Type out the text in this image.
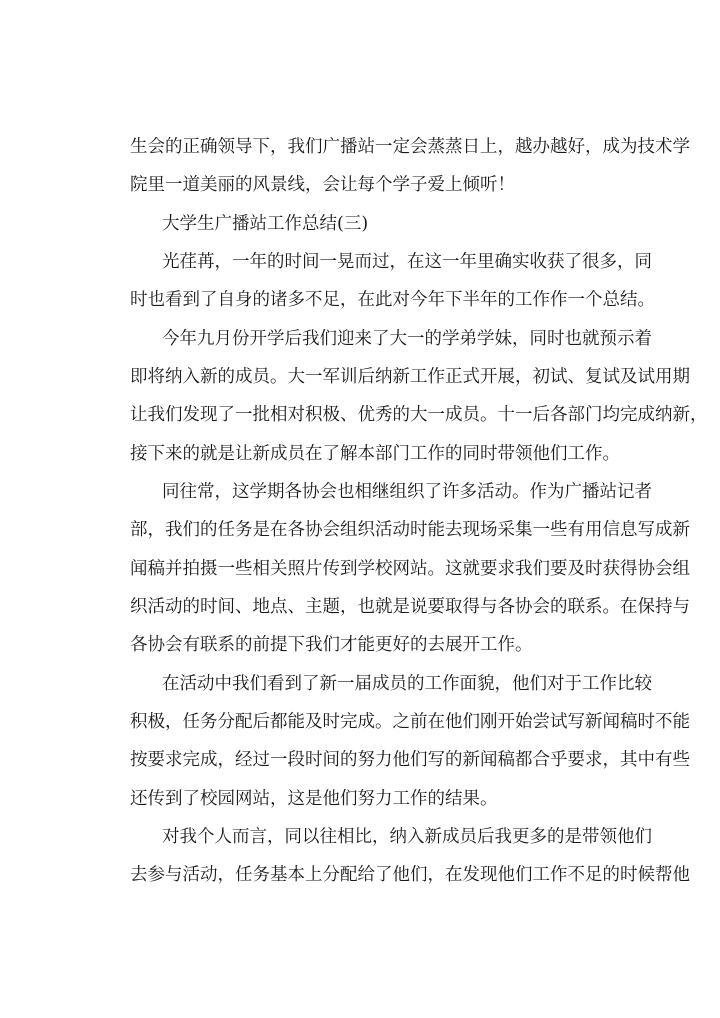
生会的正确领导下，我们广播站一定会蒸蒸日上，越办越好，成为技术学
院里一道美丽的风景线，会让每个学子爱上倾听！
大学生广播站工作总结(三)
光荏苒，一年的时间一晃而过，在这一年里确实收获了很多，同
时也看到了自身的诸多不足，在此对今年下半年的工作作一个总结。
今年九月份开学后我们迎来了大一的学弟学妹，同时也就预示着
即将纳入新的成员。大一军训后纳新工作正式开展，初试、复试及试用期
让我们发现了一批相对积极、优秀的大一成员。十一后各部门均完成纳新，
接下来的就是让新成员在了解本部门工作的同时带领他们工作。
同往常，这学期各协会也相继组织了许多活动。作为广播站记者
部，我们的任务是在各协会组织活动时能去现场采集一些有用信息写成新
闻稿并拍摄一些相关照片传到学校网站。这就要求我们要及时获得协会组
织活动的时间、地点、主题，也就是说要取得与各协会的联系。在保持与
各协会有联系的前提下我们才能更好的去展开工作。
在活动中我们看到了新一届成员的工作面貌，他们对于工作比较
积极，任务分配后都能及时完成。之前在他们刚开始尝试写新闻稿时不能
按要求完成，经过一段时间的努力他们写的新闻稿都合乎要求，其中有些
还传到了校园网站，这是他们努力工作的结果。
对我个人而言，同以往相比，纳入新成员后我更多的是带领他们
去参与活动，任务基本上分配给了他们，在发现他们工作不足的时候帮他
